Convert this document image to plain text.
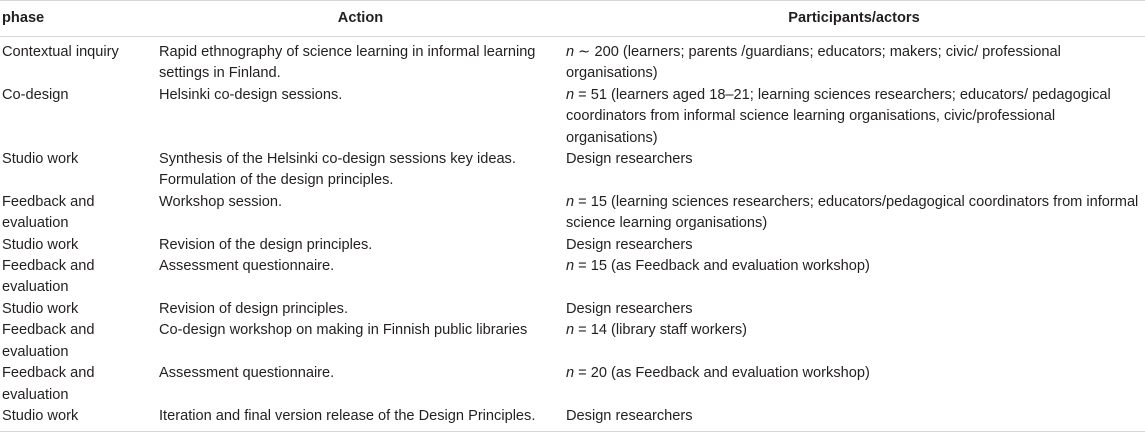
phase	Action	Participants/actors
Contextual inquiry	Rapid ethnography of science learning in informal learning settings in Finland.	n ∼ 200 (learners; parents /guardians; educators; makers; civic/ professional organisations)
Co-design	Helsinki co-design sessions.	n = 51 (learners aged 18–21; learning sciences researchers; educators/ pedagogical coordinators from informal science learning organisations, civic/professional organisations)
Studio work	Synthesis of the Helsinki co-design sessions key ideas. Formulation of the design principles.	Design researchers
Feedback and evaluation	Workshop session.	n = 15 (learning sciences researchers; educators/pedagogical coordinators from informal science learning organisations)
Studio work	Revision of the design principles.	Design researchers
Feedback and evaluation	Assessment questionnaire.	n = 15 (as Feedback and evaluation workshop)
Studio work	Revision of design principles.	Design researchers
Feedback and evaluation	Co-design workshop on making in Finnish public libraries	n = 14 (library staff workers)
Feedback and evaluation	Assessment questionnaire.	n = 20 (as Feedback and evaluation workshop)
Studio work	Iteration and final version release of the Design Principles.	Design researchers
